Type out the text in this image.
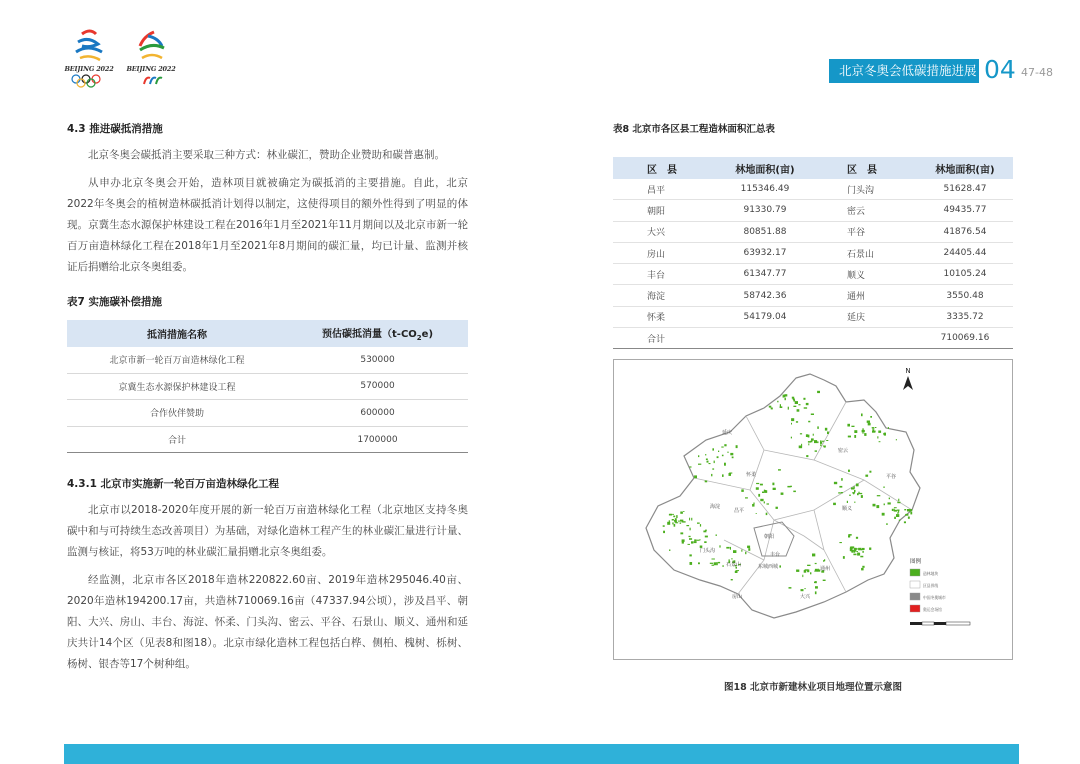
BEIJING 2022	BEIJING 2022	北京冬奥会低碳措施进展 04 47-48
4.3 推进碳抵消措施

北京冬奥会碳抵消主要采取三种方式：林业碳汇，赞助企业赞助和碳普惠制。

从申办北京冬奥会开始，造林项目就被确定为碳抵消的主要措施。自此，北京2022年冬奥会的植树造林碳抵消计划得以制定，这使得项目的额外性得到了明显的体现。京冀生态水源保护林建设工程在2016年1月至2021年11月期间以及北京市新一轮百万亩造林绿化工程在2018年1月至2021年8月期间的碳汇量，均已计量、监测并核证后捐赠给北京冬奥组委。

表7 实施碳补偿措施
抵消措施名称	预估碳抵消量$(t-CO_2e)$
北京市新一轮百万亩造林绿化工程	530000
京冀生态水源保护林建设工程	570000
合作伙伴赞助	600000
合计	1700000
4.3.1 北京市实施新一轮百万亩造林绿化工程

北京市以2018-2020年度开展的新一轮百万亩造林绿化工程（北京地区支持冬奥碳中和与可持续生态改善项目）为基础，对绿化造林工程产生的林业碳汇量进行计量、监测与核证，将53万吨的林业碳汇量捐赠北京冬奥组委。

经监测，北京市各区2018年造林220822.60亩、2019年造林295046.40亩、2020年造林194200.17亩，共造林710069.16亩（47337.94公顷），涉及昌平、朝阳、大兴、房山、丰台、海淀、怀柔、门头沟、密云、平谷、石景山、顺义、通州和延庆共计14个区（见表8和图18）。北京市绿化造林工程包括白桦、侧柏、槐树、栎树、杨树、银杏等17个树种组。

表8 北京市各区县工程造林面积汇总表
区　县	林地面积(亩)	区　县	林地面积(亩)
昌平	115346.49	门头沟	51628.47
朝阳	91330.79	密云	49435.77
大兴	80851.88	平谷	41876.54
房山	63932.17	石景山	24405.44
丰台	61347.77	顺义	10105.24
海淀	58742.36	通州	3550.48
怀柔	54179.04	延庆	3335.72
合计			710069.16
N
延庆
怀柔
密云
平谷
昌平	顺义
海淀
朝阳
门头沟
石景山	东城西城
丰台
通州
房山	大兴
图例
造林地块
区县界线
中国冬奥城市
奥运会场馆
图18 北京市新建林业项目地理位置示意图
